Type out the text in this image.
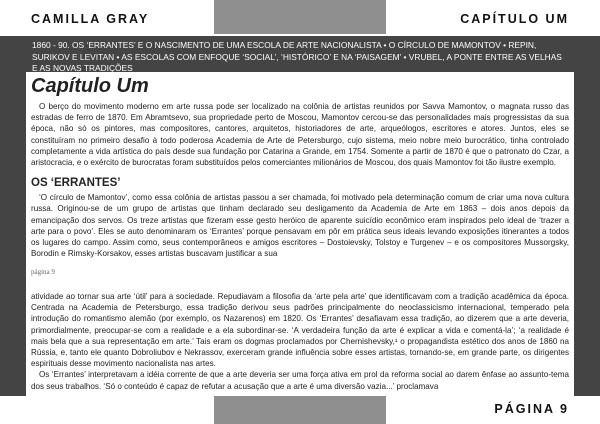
CAMILLA GRAY	CAPÍTULO UM
1860 - 90. OS ‘ERRANTES’ E O NASCIMENTO DE UMA ESCOLA DE ARTE NACIONALISTA • O CÍRCULO DE MAMONTOV • REPIN, SURIKOV E LEVITAN • AS ESCOLAS COM ENFOQUE ‘SOCIAL’, ‘HISTÓRICO’ E NA ‘PAISAGEM’ • VRUBEL, A PONTE ENTRE AS VELHAS E AS NOVAS TRADIÇÕES
Capítulo Um

O berço do movimento moderno em arte russa pode ser localizado na colônia de artistas reunidos por Savva Mamontov, o magnata russo das estradas de ferro de 1870. Em Abramtsevo, sua propriedade perto de Moscou, Mamontov cercou-se das personalidades mais progressistas da sua época, não só os pintores, mas compositores, cantores, arquitetos, historiadores de arte, arqueólogos, escritores e atores. Juntos, eles se constituíram no primeiro desafio à todo poderosa Academia de Arte de Petersburgo, cujo sistema, meio nobre meio burocrático, tinha controlado completamente a vida artística do país desde sua fundação por Catarina a Grande, em 1754. Somente a partir de 1870 é que o patronato do Czar, a aristocracia, e o exército de burocratas foram substituídos pelos comerciantes milionários de Moscou, dos quais Mamontov foi tão ilustre exemplo.

OS ‘ERRANTES’

‘O círculo de Mamontov’, como essa colônia de artistas passou a ser chamada, foi motivado pela determinação comum de criar uma nova cultura russa. Originou-se de um grupo de artistas que tinham declarado seu desligamento da Academia de Arte em 1863 – dois anos depois da emancipação dos servos. Os treze artistas que fizeram esse gesto heróico de aparente suicídio econômico eram inspirados pelo ideal de ‘trazer a arte para o povo’. Eles se auto denominaram os ‘Errantes’ porque pensavam em pôr em prática seus ideais levando exposições itinerantes a todos os lugares do campo. Assim como, seus contemporâneos e amigos escritores – Dostoievsky, Tolstoy e Turgenev – e os compositores Mussorgsky, Borodin e Rimsky-Korsakov, esses artistas buscavam justificar a sua

página 9

atividade ao tornar sua arte ‘útil’ para a sociedade. Repudiavam a filosofia da ‘arte pela arte’ que identificavam com a tradição acadêmica da época. Centrada na Academia de Petersburgo, essa tradição derivou seus padrões principalmente do neoclassicismo internacional, temperado pela introdução do romantismo alemão (por exemplo, os Nazarenos) em 1820. Os ‘Errantes’ desafiavam essa tradição, ao dizerem que a arte deveria, primordialmente, preocupar-se com a realidade e a ela subordinar-se. ‘A verdadeira função da arte é explicar a vida e comentá-la’; ‘a realidade é mais bela que a sua representação em arte.’ Tais eram os dogmas proclamados por Chernishevsky,¹ o propagandista estético dos anos de 1860 na Rússia, e, tanto ele quanto Dobroliubov e Nekrassov, exerceram grande influência sobre esses artistas, tornando-se, em grande parte, os dirigentes espirituais desse movimento nacionalista nas artes.

Os ‘Errantes’ interpretavam a idéia corrente de que a arte deveria ser uma força ativa em prol da reforma social ao darem ênfase ao assunto-tema dos seus trabalhos. ‘Só o conteúdo é capaz de refutar a acusação que a arte é uma diversão vazia...’ proclamava

PÁGINA 9
